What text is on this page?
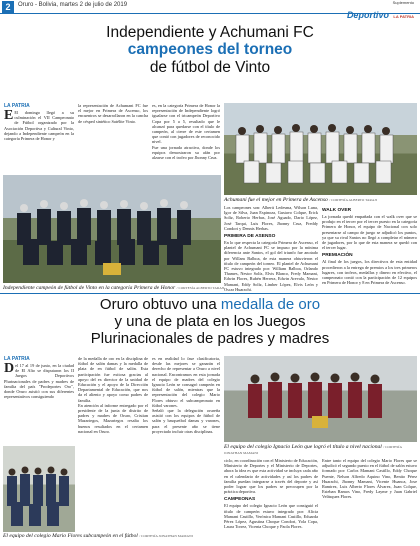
2	Oruro - Bolivia, martes 2 de julio de 2019	Suplemento
Deportivo LA PATRIA
Independiente y Achumani FC
campeones del torneo
de fútbol de Vinto
LA PATRIA
E El domingo llegó a su culminación el VII Campeonato de Fútbol organizado por la Asociación Deportiva y Cultural Vinto, dejando a Independiente campeón en la categoría Primera de Honor y
la representación de Achumani FC fue el mejor en Primera de Ascenso, los encuentros se desarrollaron en la cancha de césped sintético Satélite Vinto.
es, en la categoría Primera de Honor la representación de Independiente logró igualarse con el tricampeón Deportivo Copa por 5 a 5, resultado que le alcanzó para quedarse con el título de campeón, al cierre de este certamen que contó con jugadores de reconocido nivel.
Fue una jornada atractiva, donde los equipos demostraron su afán por alzarse con el trofeo por Jhonny Cruz.
Independiente campeón de fútbol de Vinto en la categoría Primera de Honor / CORTESÍA ALBERTO TARAJI
Achumani fue el mejor en Primera de Ascenso / CORTESÍA ALBERTO TARAJI
Los campeones son: Albertt Ledesma, Wilson Luna, Igor de Silva, Juan Espinoza, Gustavo Colque, Erick Solíz, Roberto Herbas, José Aguado, Dario López, José Tarqui, Luis Flores, Jhonny Cruz, Freddy Condori y Dennis Herbas.
PRIMERA DE ASENSO
En lo que respecta la categoría Primera de Ascenso, el plantel de Achumani FC se impuso por la mínima diferencia ante Santos, el gol del triunfo fue anotado por Willam Balboa, de esta manera obtuvieron el título de campeón del torneo. El plantel de Achumani FC estuvo integrado por: William Balboa, Orlando Thames, Nestor Solíz, Elvis Blanco, Fredy Mamani, Edwin Flores, Rubén Herrera, Edwin Arevalo, Nestor Mamani, Eddy Solíz, Limber López, Elvis León y Oscar Huarachi.
WALK OVER
La jornada quedó empañada con el walk over que se produjo en el tercer por el tercer puesto en la categoría Primera de Honor, el equipo de Nacional con solo presentarse al campo de juego se adjudicó los puntos, ya que su rival Santos no llegó a completar el número de jugadores, por lo que de esta manera se quedó con el tercer lugar.
PREMIACIÓN
Al final de los juegos, los directivos de esta entidad procedieron a la entrega de premios a los tres primeros lugares, con trofeos, medallas y dinero en efectivo, el campeonato contó con la participación de 12 equipos en Primera de Honor y 8 en Primera de Ascenso.
Oruro obtuvo una medalla de oro
y una de plata en los Juegos
Plurinacionales de padres y madres
LA PATRIA
Del 17 al 19 de junio, en la ciudad de El Alto se disputaron los II Juegos Deportivos Plurinacionales de padres y madres de familia del país "Prodeportes Oro", donde Oruro asistió con sus diferentes representativos consiguiendo
de la medalla de oro en la disciplina de fútbol de salón damas y la medalla de plata de en fútbol de salón. Esta participación fue exitosa gracias al apoyo del ex director de la unidad de Educación y el apoyo de la Dirección Departamental de Educación, que nos da el aliento y apoyo como padres de familia.
En atención al informe entregado por el presidente de la junta de distrito de padres y madres de Oruro, Cristian Mazariegos, Mazariegos resalta los buenos resultados en el certamen nacional en Oruro.
es en realidad lo fase clasificatoria, desde las mejores se ganarán el derecho de representar a Oruro a nivel nacional. Encontramos en esta jornada el equipo de madres del colegio Ignacio León se consagró campeón en fútbol de salón, mientras que la representación del colegio Mario Flores obtuvo el subcampeonato en fútbol varones.
Señaló que la delegación orureña asistió con los equipos de fútbol de salón y basquetbol damas y varones, para el presente año se tiene proyectado incluir otras disciplinas.
El equipo del colegio Mario Flores subcampeón en el fútbol / CORTESÍA JONATHAN MAMANI
El equipo del colegio Ignacio León que logró el título a nivel nacional / CORTESÍA JONATHAN MAMANI
ciclo, en coordinación con el Ministerio de Educación, Ministerio de Deportes y el Ministerio de Deportes, ahora la idea es que esta actividad se incluya cada año en el calendario de actividades y así los padres de familia puedan integrarse a través del deporte y así poder lograr que los padres se preocupen por la práctica deportiva.
CAMPEONAS
El equipo del colegio Ignacio León que consiguió el título de campeón estuvo integrado por: Alicia Mamani Castillo, Verónica Mamani Castillo, Eduarda Pérez López, Agustina Choque Condori, Yola Copa, Laura Torrez, Vicenta Choque y Paola Flores.
Entre tanto el equipo del colegio Mario Flores que se adjudicó el segundo puesto en el fútbol de salón estuvo formado por: Carlos Mamani Castillo, Eddy Choque Puente, Nelson Alfredo Aquino Vino, Benito Pérez Huarachi, Jhonny Mamani, Vicente Huanca, Jose Ramirez, Luis Alberto Flores Álvarez, Juan Colque, Esteban Ramos Vino, Fredy Layme y Juan Gabriel Velásquez Flores.
